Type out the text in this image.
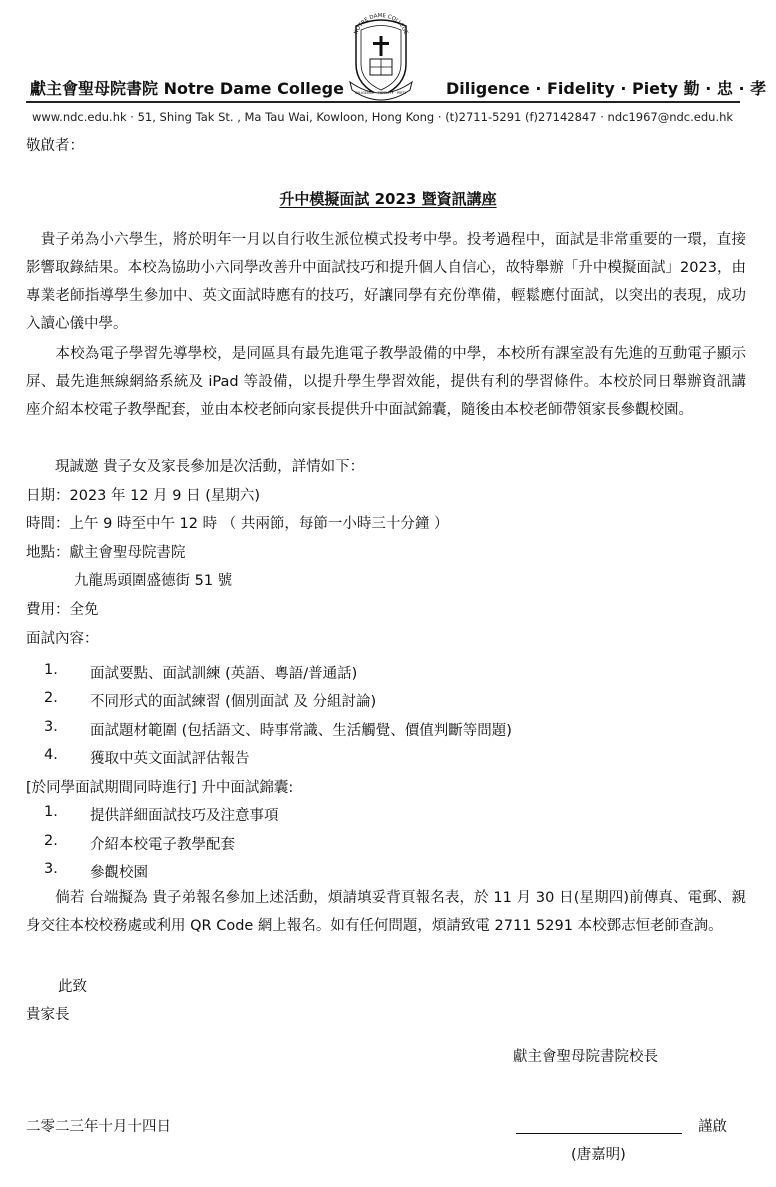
獻主會聖母院書院 Notre Dame College
NOTRE DAME COLLEGE
DILIGENCE · FIDELITY · PIETY Diligence · Fidelity · Piety 勤 · 忠 · 孝
www.ndc.edu.hk · 51, Shing Tak St. , Ma Tau Wai, Kowloon, Hong Kong · (t)2711-5291 (f)27142847 · ndc1967@ndc.edu.hk
敬啟者：
升中模擬面試 2023 暨資訊講座
　貴子弟為小六學生，將於明年一月以自行收生派位模式投考中學。投考過程中，面試是非常重要的一環，直接影響取錄結果。本校為協助小六同學改善升中面試技巧和提升個人自信心，故特舉辦「升中模擬面試」2023，由專業老師指導學生參加中、英文面試時應有的技巧，好讓同學有充份準備，輕鬆應付面試，以突出的表現，成功入讀心儀中學。
　　本校為電子學習先導學校，是同區具有最先進電子教學設備的中學，本校所有課室設有先進的互動電子顯示屏、最先進無線網絡系統及 iPad 等設備，以提升學生學習效能，提供有利的學習條件。本校於同日舉辦資訊講座介紹本校電子教學配套，並由本校老師向家長提供升中面試錦囊，隨後由本校老師帶領家長參觀校園。
　　現誠邀 貴子女及家長參加是次活動，詳情如下：
日期：2023 年 12 月 9 日 (星期六)
時間：上午 9 時至中午 12 時 （ 共兩節，每節一小時三十分鐘 ）
地點：獻主會聖母院書院
九龍馬頭圍盛德街 51 號
費用：全免
面試內容：
1. 面試要點、面試訓練 (英語、粵語/普通話)
2. 不同形式的面試練習 (個別面試 及 分組討論)
3. 面試題材範圍 (包括語文、時事常識、生活觸覺、價值判斷等問題)
4. 獲取中英文面試評估報告
[於同學面試期間同時進行] 升中面試錦囊:
1. 提供詳細面試技巧及注意事項
2. 介紹本校電子教學配套
3. 參觀校園
　　倘若 台端擬為 貴子弟報名參加上述活動，煩請填妥背頁報名表，於 11 月 30 日(星期四)前傳真、電郵、親身交往本校校務處或利用 QR Code 網上報名。如有任何問題，煩請致電 2711 5291 本校鄧志恒老師查詢。
此致
貴家長
獻主會聖母院書院校長
二零二三年十月十四日	謹啟
(唐嘉明)
